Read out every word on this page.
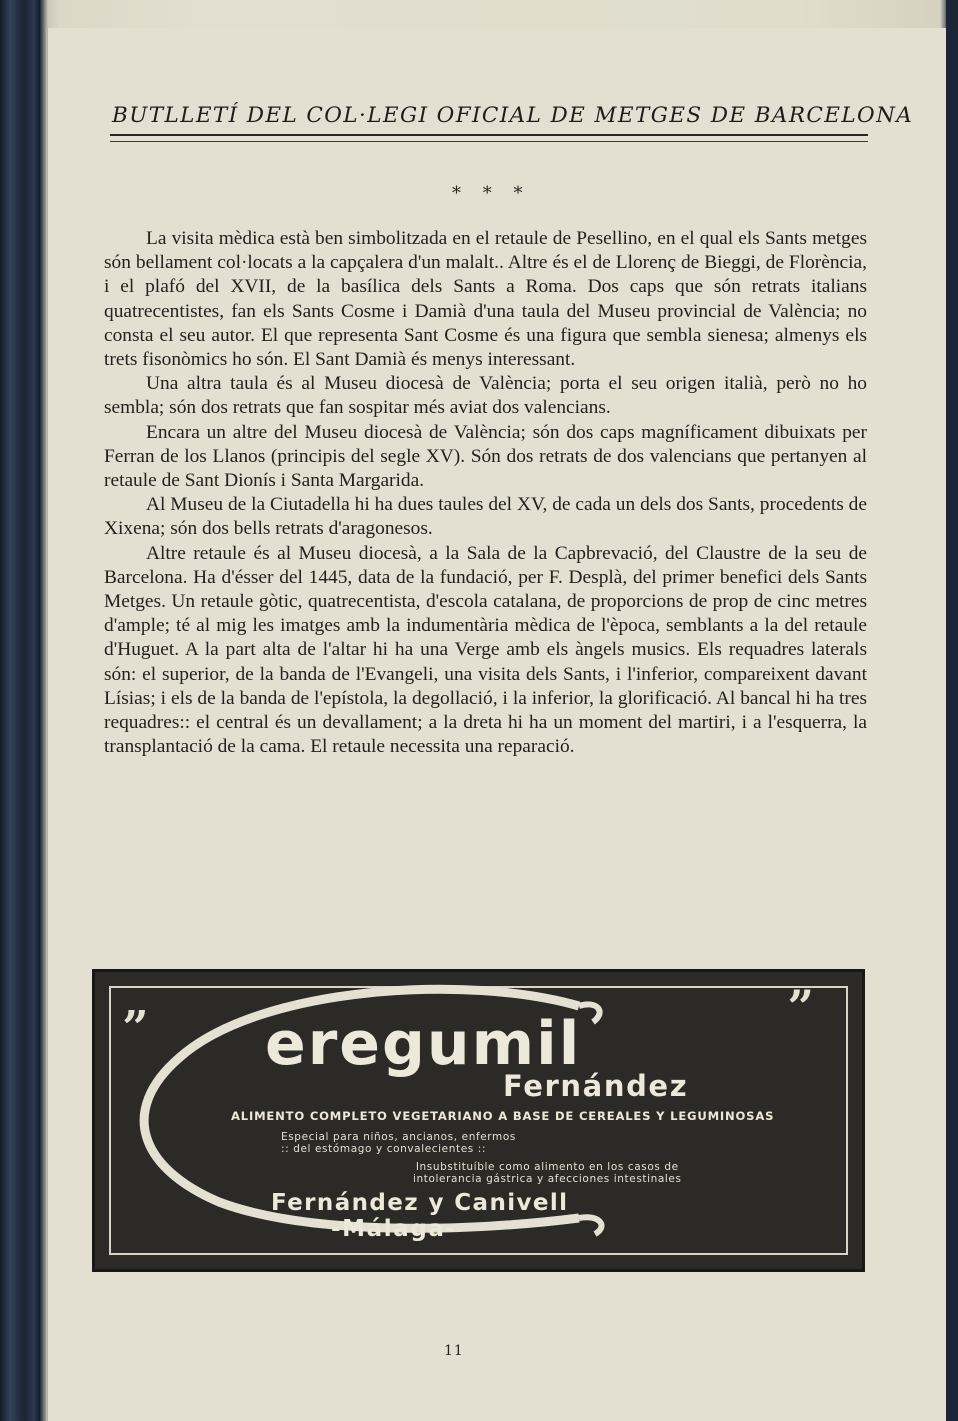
BUTLLETÍ DEL COL·LEGI OFICIAL DE METGES DE BARCELONA
* * *

La visita mèdica està ben simbolitzada en el retaule de Pesellino, en el qual els Sants metges són bellament col·locats a la capçalera d'un malalt.. Altre és el de Llorenç de Bieggi, de Florència, i el plafó del XVII, de la basílica dels Sants a Roma. Dos caps que són retrats italians quatrecentistes, fan els Sants Cosme i Damià d'una taula del Museu provincial de València; no consta el seu autor. El que representa Sant Cosme és una figura que sembla sienesa; almenys els trets fisonòmics ho són. El Sant Damià és menys interessant.

Una altra taula és al Museu diocesà de València; porta el seu origen italià, però no ho sembla; són dos retrats que fan sospitar més aviat dos valencians.

Encara un altre del Museu diocesà de València; són dos caps magníficament dibuixats per Ferran de los Llanos (principis del segle XV). Són dos retrats de dos valencians que pertanyen al retaule de Sant Dionís i Santa Margarida.

Al Museu de la Ciutadella hi ha dues taules del XV, de cada un dels dos Sants, procedents de Xixena; són dos bells retrats d'aragonesos.

Altre retaule és al Museu diocesà, a la Sala de la Capbrevació, del Claustre de la seu de Barcelona. Ha d'ésser del 1445, data de la fundació, per F. Desplà, del primer benefici dels Sants Metges. Un retaule gòtic, quatrecentista, d'escola catalana, de proporcions de prop de cinc metres d'ample; té al mig les imatges amb la indumentària mèdica de l'època, semblants a la del retaule d'Huguet. A la part alta de l'altar hi ha una Verge amb els àngels musics. Els requadres laterals són: el superior, de la banda de l'Evangeli, una visita dels Sants, i l'inferior, compareixent davant Lísias; i els de la banda de l'epístola, la degollació, i la inferior, la glorificació. Al bancal hi ha tres requadres:: el central és un devallament; a la dreta hi ha un moment del martiri, i a l'esquerra, la transplantació de la cama. El retaule necessita una reparació.

„	”
eregumil
Fernández
ALIMENTO COMPLETO VEGETARIANO A BASE DE CEREALES Y LEGUMINOSAS
Especial para niños, ancianos, enfermos
:: del estómago y convalecientes ::
Insubstituíble como alimento en los casos de
intolerancia gástrica y afecciones intestinales
Fernández y Canivell
-Málaga-
11
